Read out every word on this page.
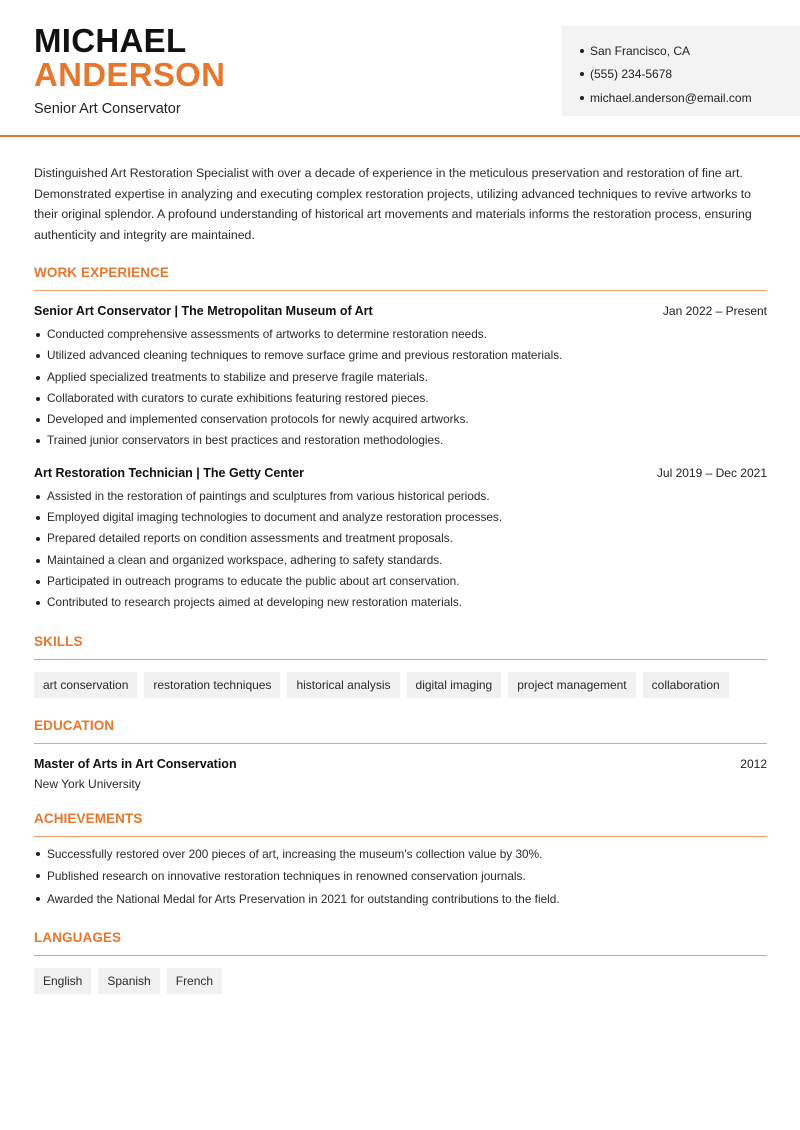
MICHAEL
ANDERSON
Senior Art Conservator
San Francisco, CA
(555) 234-5678
michael.anderson@email.com

Distinguished Art Restoration Specialist with over a decade of experience in the meticulous preservation and restoration of fine art. Demonstrated expertise in analyzing and executing complex restoration projects, utilizing advanced techniques to revive artworks to their original splendor. A profound understanding of historical art movements and materials informs the restoration process, ensuring authenticity and integrity are maintained.

WORK EXPERIENCE
Senior Art Conservator | The Metropolitan Museum of Art	Jan 2022 – Present
Conducted comprehensive assessments of artworks to determine restoration needs.
Utilized advanced cleaning techniques to remove surface grime and previous restoration materials.
Applied specialized treatments to stabilize and preserve fragile materials.
Collaborated with curators to curate exhibitions featuring restored pieces.
Developed and implemented conservation protocols for newly acquired artworks.
Trained junior conservators in best practices and restoration methodologies.
Art Restoration Technician | The Getty Center	Jul 2019 – Dec 2021
Assisted in the restoration of paintings and sculptures from various historical periods.
Employed digital imaging technologies to document and analyze restoration processes.
Prepared detailed reports on condition assessments and treatment proposals.
Maintained a clean and organized workspace, adhering to safety standards.
Participated in outreach programs to educate the public about art conservation.
Contributed to research projects aimed at developing new restoration materials.
SKILLS
art conservation	restoration techniques	historical analysis	digital imaging	project management	collaboration
EDUCATION
Master of Arts in Art Conservation	2012
New York University
ACHIEVEMENTS
Successfully restored over 200 pieces of art, increasing the museum's collection value by 30%.
Published research on innovative restoration techniques in renowned conservation journals.
Awarded the National Medal for Arts Preservation in 2021 for outstanding contributions to the field.
LANGUAGES
English	Spanish	French
